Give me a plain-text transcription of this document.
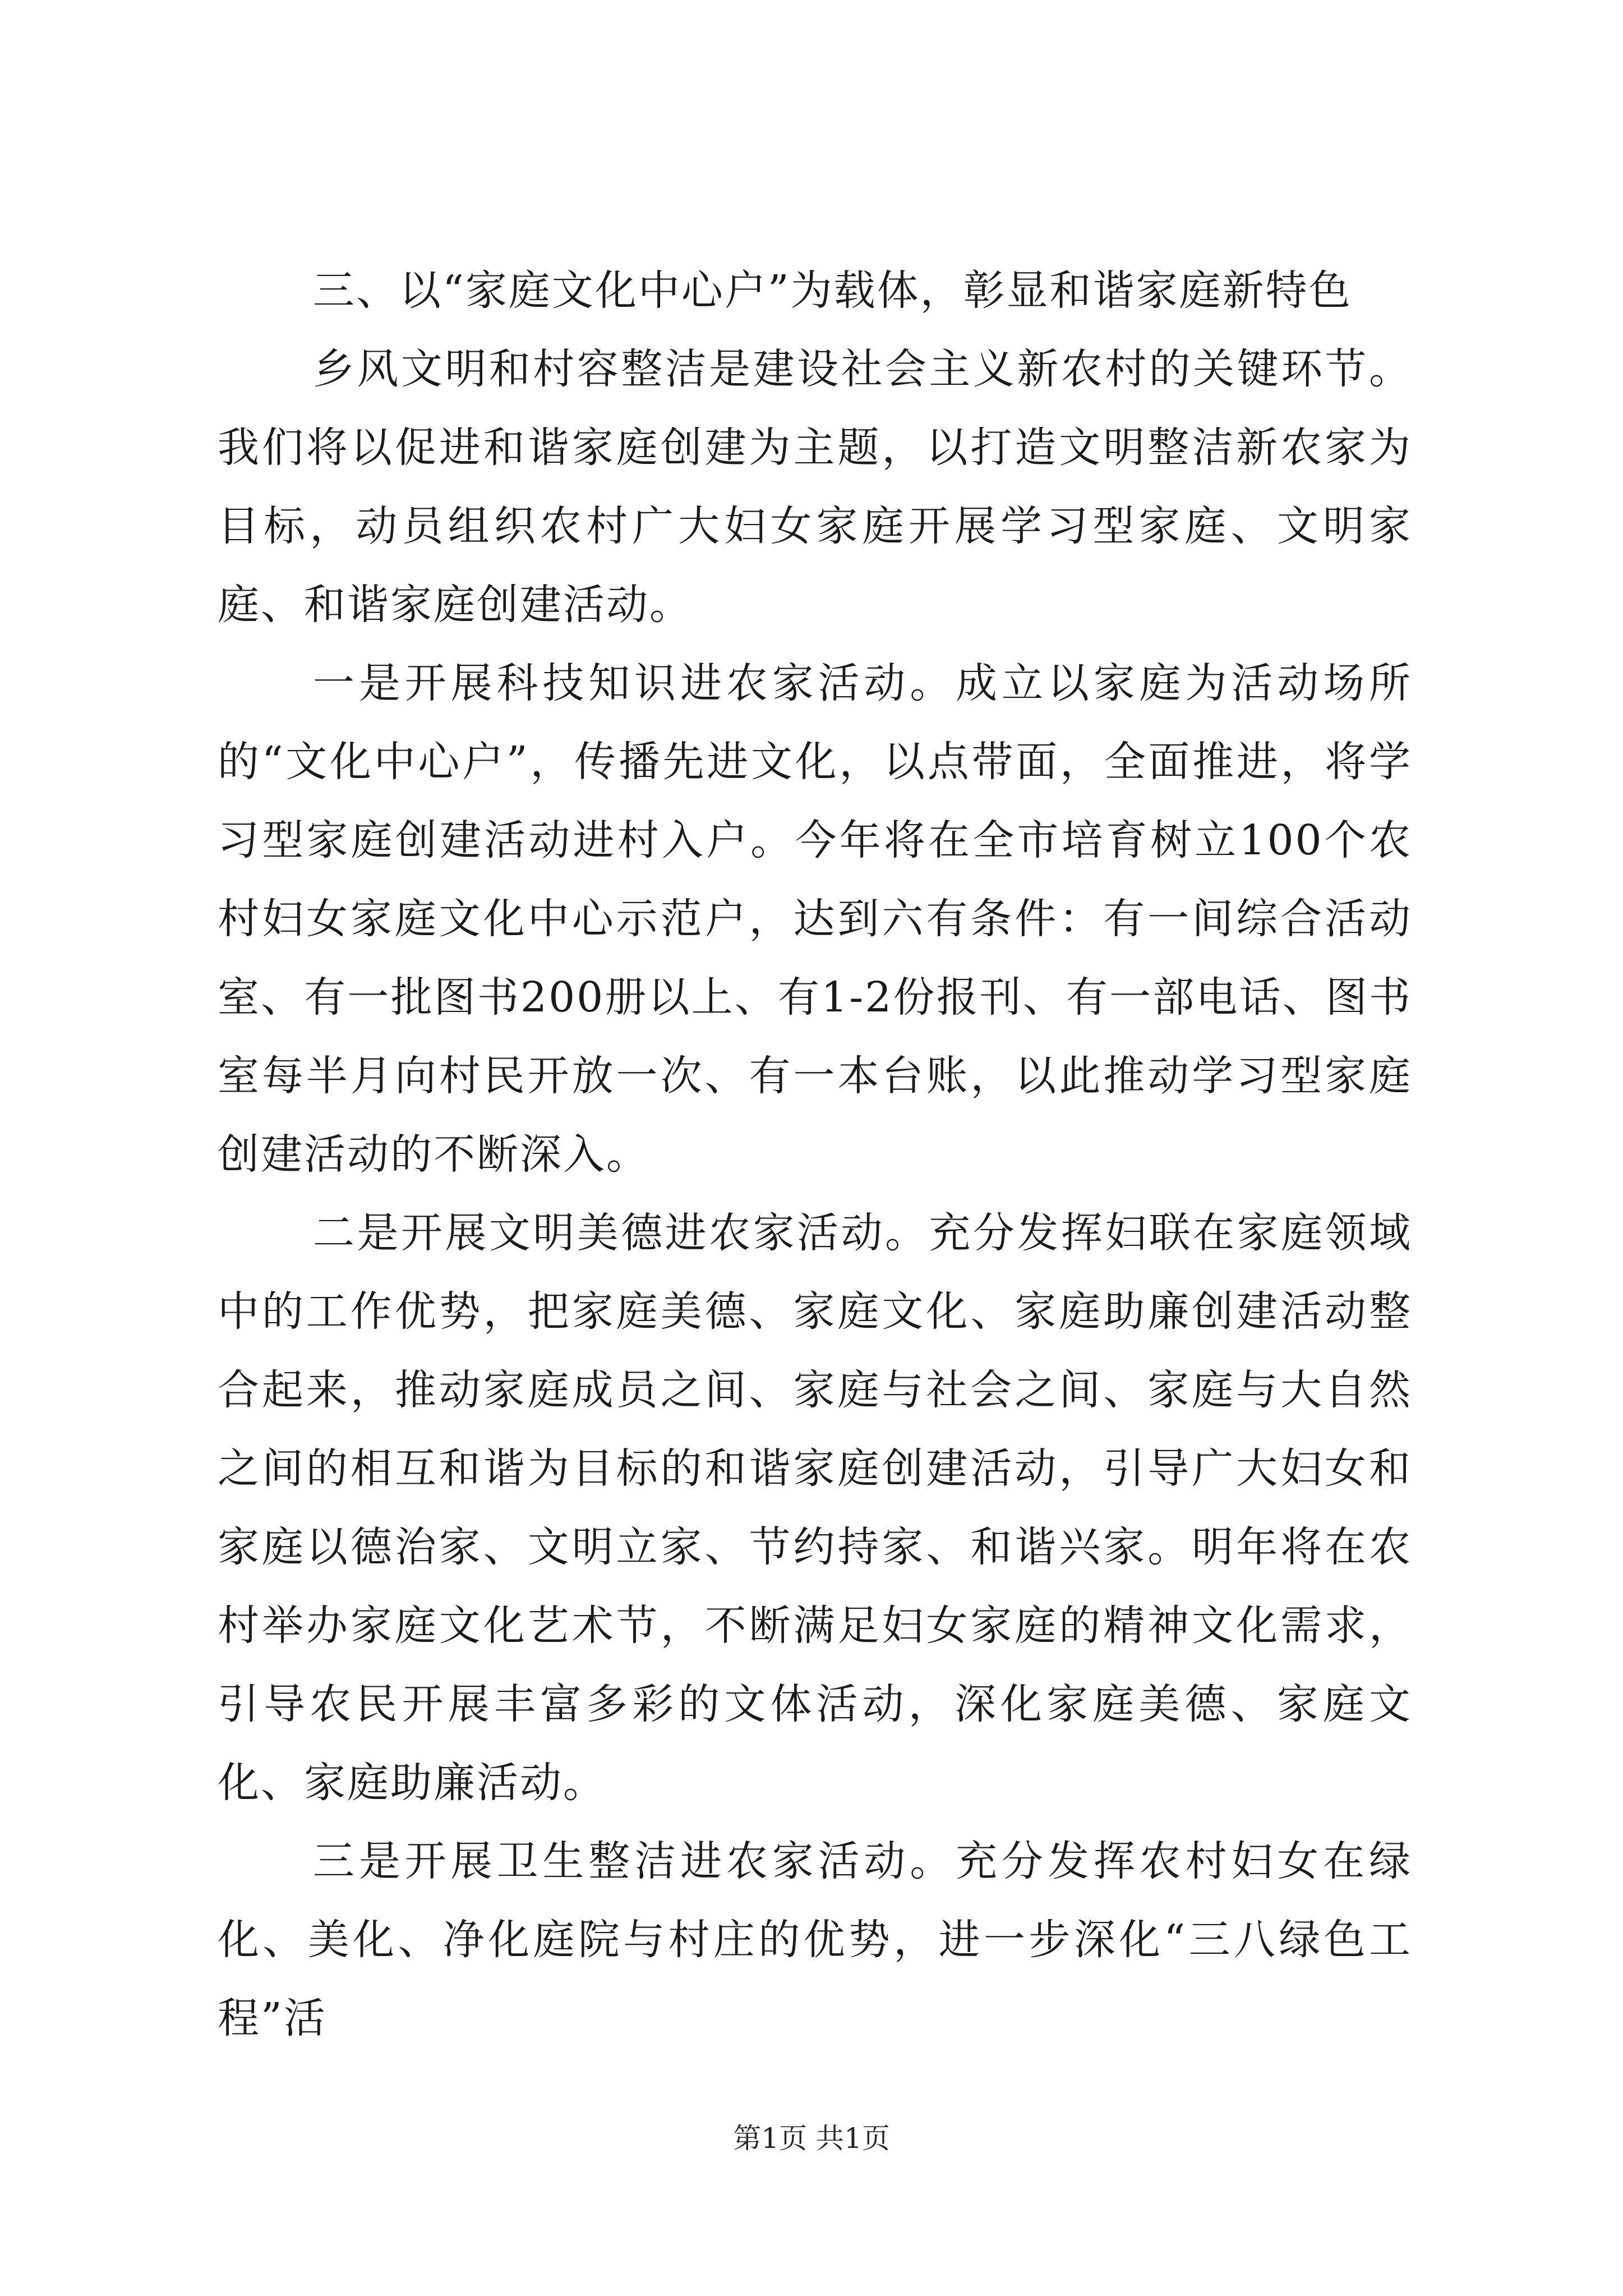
三、以“家庭文化中心户”为载体，彰显和谐家庭新特色

乡风文明和村容整洁是建设社会主义新农村的关键环节。我们将以促进和谐家庭创建为主题，以打造文明整洁新农家为目标，动员组织农村广大妇女家庭开展学习型家庭、文明家庭、和谐家庭创建活动。

一是开展科技知识进农家活动。成立以家庭为活动场所的“文化中心户”，传播先进文化，以点带面，全面推进，将学习型家庭创建活动进村入户。今年将在全市培育树立100个农村妇女家庭文化中心示范户，达到六有条件：有一间综合活动室、有一批图书200册以上、有1-2份报刊、有一部电话、图书室每半月向村民开放一次、有一本台账，以此推动学习型家庭创建活动的不断深入。

二是开展文明美德进农家活动。充分发挥妇联在家庭领域中的工作优势，把家庭美德、家庭文化、家庭助廉创建活动整合起来，推动家庭成员之间、家庭与社会之间、家庭与大自然之间的相互和谐为目标的和谐家庭创建活动，引导广大妇女和家庭以德治家、文明立家、节约持家、和谐兴家。明年将在农村举办家庭文化艺术节，不断满足妇女家庭的精神文化需求，引导农民开展丰富多彩的文体活动，深化家庭美德、家庭文化、家庭助廉活动。

三是开展卫生整洁进农家活动。充分发挥农村妇女在绿化、美化、净化庭院与村庄的优势，进一步深化“三八绿色工程”活

第1页 共1页
